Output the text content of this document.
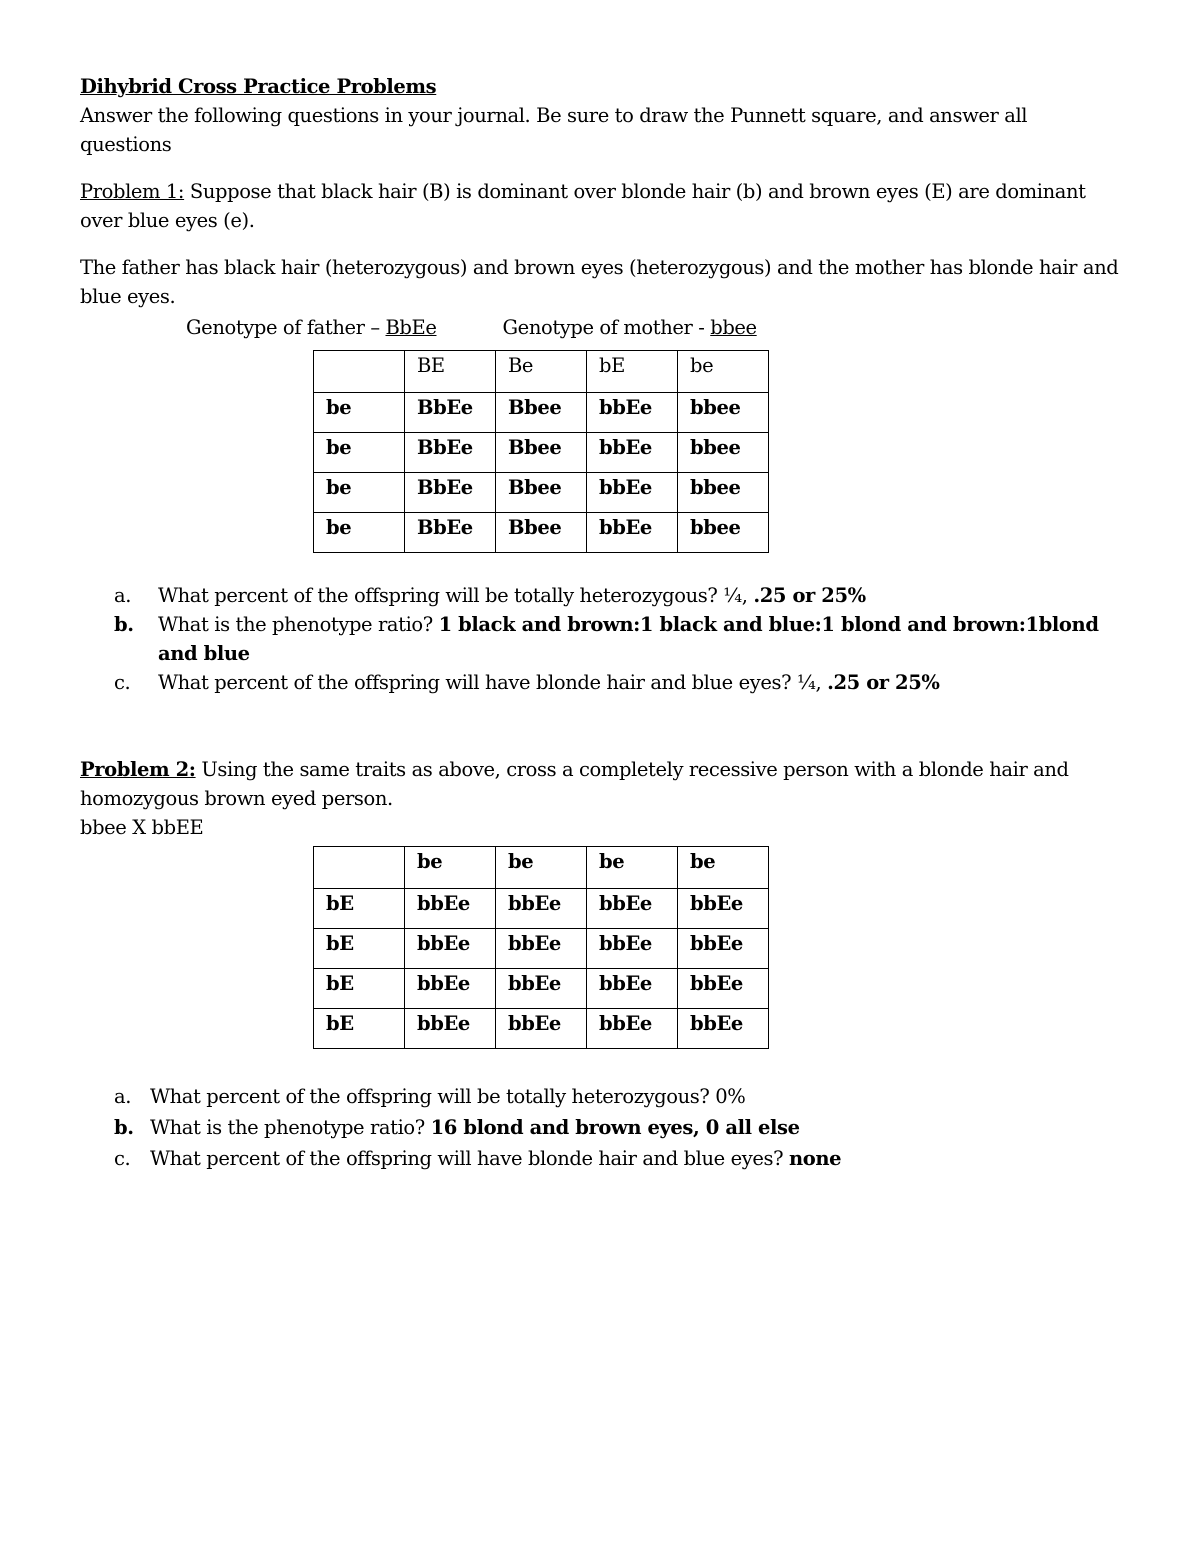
Dihybrid Cross Practice Problems

Answer the following questions in your journal. Be sure to draw the Punnett square, and answer all questions

Problem 1: Suppose that black hair (B) is dominant over blonde hair (b) and brown eyes (E) are dominant over blue eyes (e).

The father has black hair (heterozygous) and brown eyes (heterozygous) and the mother has blonde hair and blue eyes.

Genotype of father – BbEe	Genotype of mother - bbee

	BE	Be	bE	be
be	BbEe	Bbee	bbEe	bbee
be	BbEe	Bbee	bbEe	bbee
be	BbEe	Bbee	bbEe	bbee
be	BbEe	Bbee	bbEe	bbee
a. What percent of the offspring will be totally heterozygous? ¼, .25 or 25%
b. What is the phenotype ratio? 1 black and brown:1 black and blue:1 blond and brown:1blond and blue
c. What percent of the offspring will have blonde hair and blue eyes? ¼, .25 or 25%

Problem 2: Using the same traits as above, cross a completely recessive person with a blonde hair and homozygous brown eyed person.

bbee X bbEE

	be	be	be	be
bE	bbEe	bbEe	bbEe	bbEe
bE	bbEe	bbEe	bbEe	bbEe
bE	bbEe	bbEe	bbEe	bbEe
bE	bbEe	bbEe	bbEe	bbEe
a. What percent of the offspring will be totally heterozygous? 0%
b. What is the phenotype ratio? 16 blond and brown eyes, 0 all else
c. What percent of the offspring will have blonde hair and blue eyes? none
